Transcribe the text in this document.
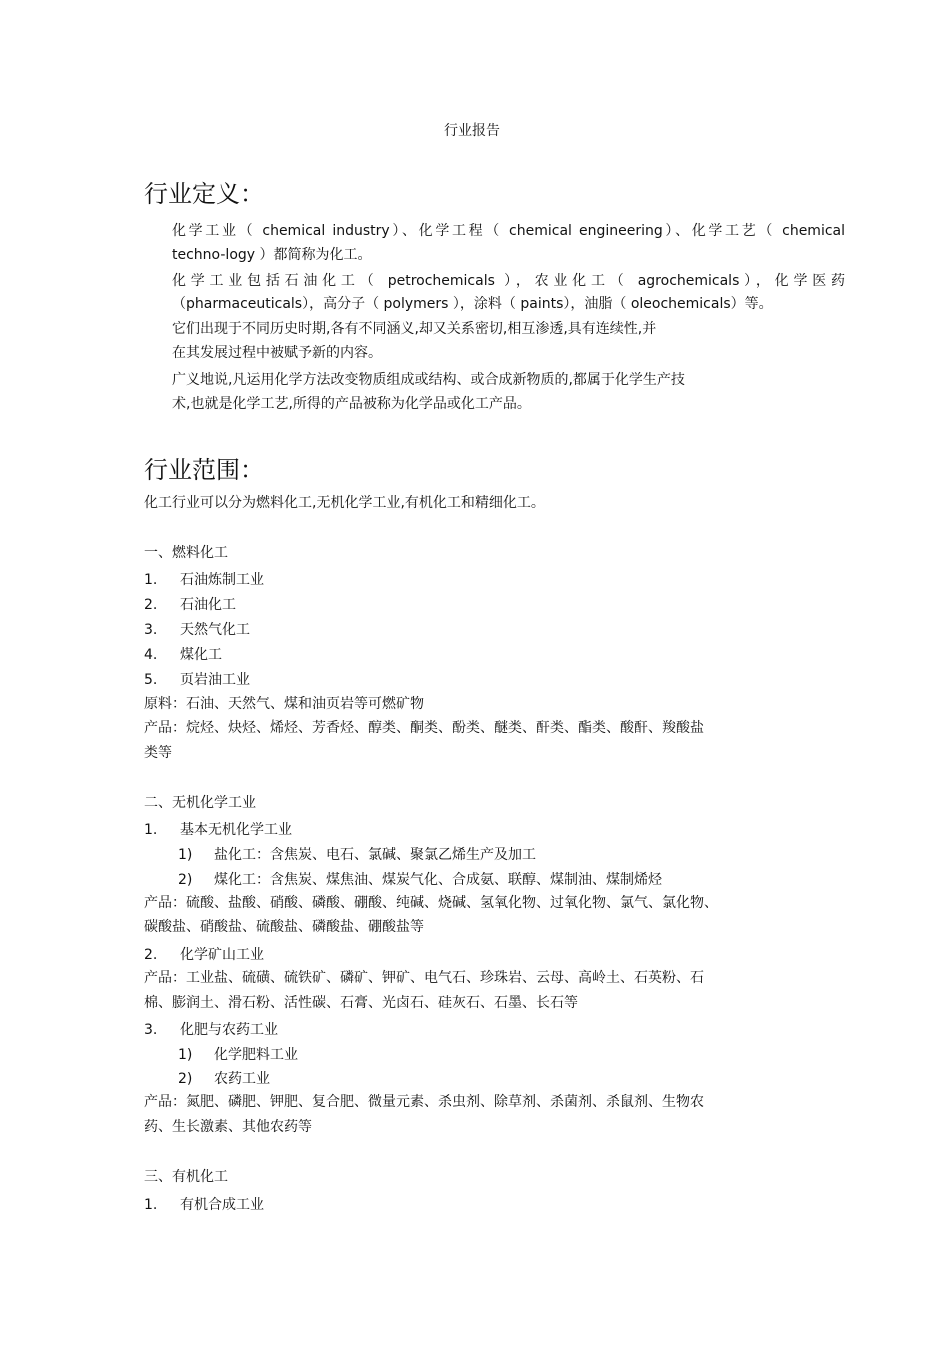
行业报告
行业定义：
化学工业（ chemical industry）、化学工程（ chemical engineering）、化学工艺（ chemical
techno-logy ）都简称为化工。
化学工业包括石油化工（ petrochemicals ），农业化工（ agrochemicals），化学医药
（pharmaceuticals），高分子（ polymers ），涂料（ paints），油脂（ oleochemicals）等。
它们出现于不同历史时期,各有不同涵义,却又关系密切,相互渗透,具有连续性,并
在其发展过程中被赋予新的内容。
广义地说,凡运用化学方法改变物质组成或结构、或合成新物质的,都属于化学生产技
术,也就是化学工艺,所得的产品被称为化学品或化工产品。
行业范围：
化工行业可以分为燃料化工,无机化学工业,有机化工和精细化工。
一、燃料化工
1. 石油炼制工业
2. 石油化工
3. 天然气化工
4. 煤化工
5. 页岩油工业
原料：石油、天然气、煤和油页岩等可燃矿物
产品：烷烃、炔烃、烯烃、芳香烃、醇类、酮类、酚类、醚类、酐类、酯类、酸酐、羧酸盐
类等
二、无机化学工业
1. 基本无机化学工业
1) 盐化工：含焦炭、电石、氯碱、聚氯乙烯生产及加工
2) 煤化工：含焦炭、煤焦油、煤炭气化、合成氨、联醇、煤制油、煤制烯烃
产品：硫酸、盐酸、硝酸、磷酸、硼酸、纯碱、烧碱、氢氧化物、过氧化物、氯气、氯化物、
碳酸盐、硝酸盐、硫酸盐、磷酸盐、硼酸盐等
2. 化学矿山工业
产品：工业盐、硫磺、硫铁矿、磷矿、钾矿、电气石、珍珠岩、云母、高岭土、石英粉、石
棉、膨润土、滑石粉、活性碳、石膏、光卤石、硅灰石、石墨、长石等
3. 化肥与农药工业
1) 化学肥料工业
2) 农药工业
产品：氮肥、磷肥、钾肥、复合肥、微量元素、杀虫剂、除草剂、杀菌剂、杀鼠剂、生物农
药、生长激素、其他农药等
三、有机化工
1. 有机合成工业
